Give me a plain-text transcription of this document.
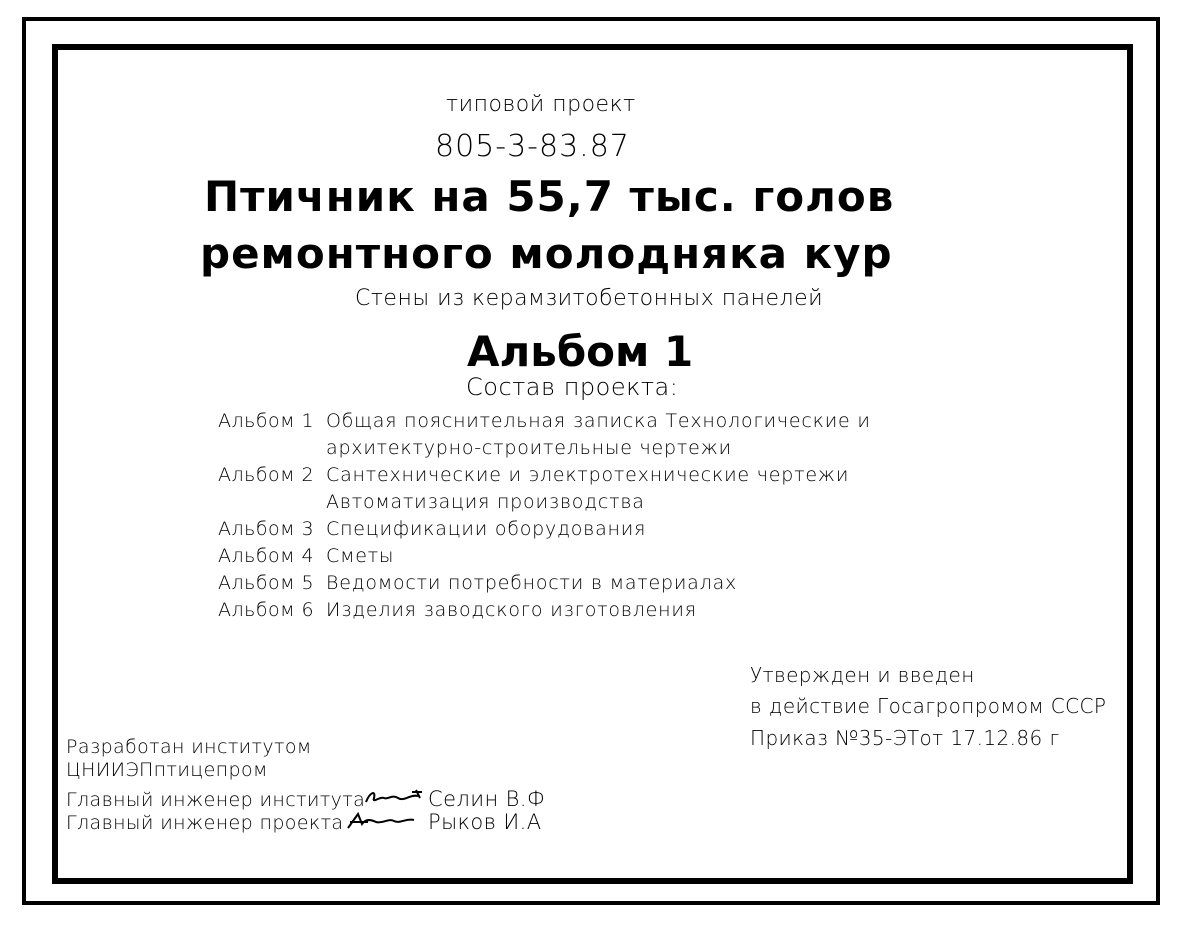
типовой проект
805-3-83.87
Птичник на 55,7 тыс. голов
ремонтного молодняка кур
Стены из керамзитобетонных панелей
Альбом 1
Состав проекта:
Альбом 1 Общая пояснительная записка Технологические и
архитектурно-строительные чертежи
Альбом 2 Сантехнические и электротехнические чертежи
Автоматизация производства
Альбом 3 Спецификации оборудования
Альбом 4 Сметы
Альбом 5 Ведомости потребности в материалах
Альбом 6 Изделия заводского изготовления
Утвержден и введен
в действие Госагропромом СССР
Приказ №35-ЭТот 17.12.86 г
Разработан институтом
ЦНИИЭПптицепром
Главный инженер института	Селин В.Ф
Главный инженер проекта	Рыков И.А
